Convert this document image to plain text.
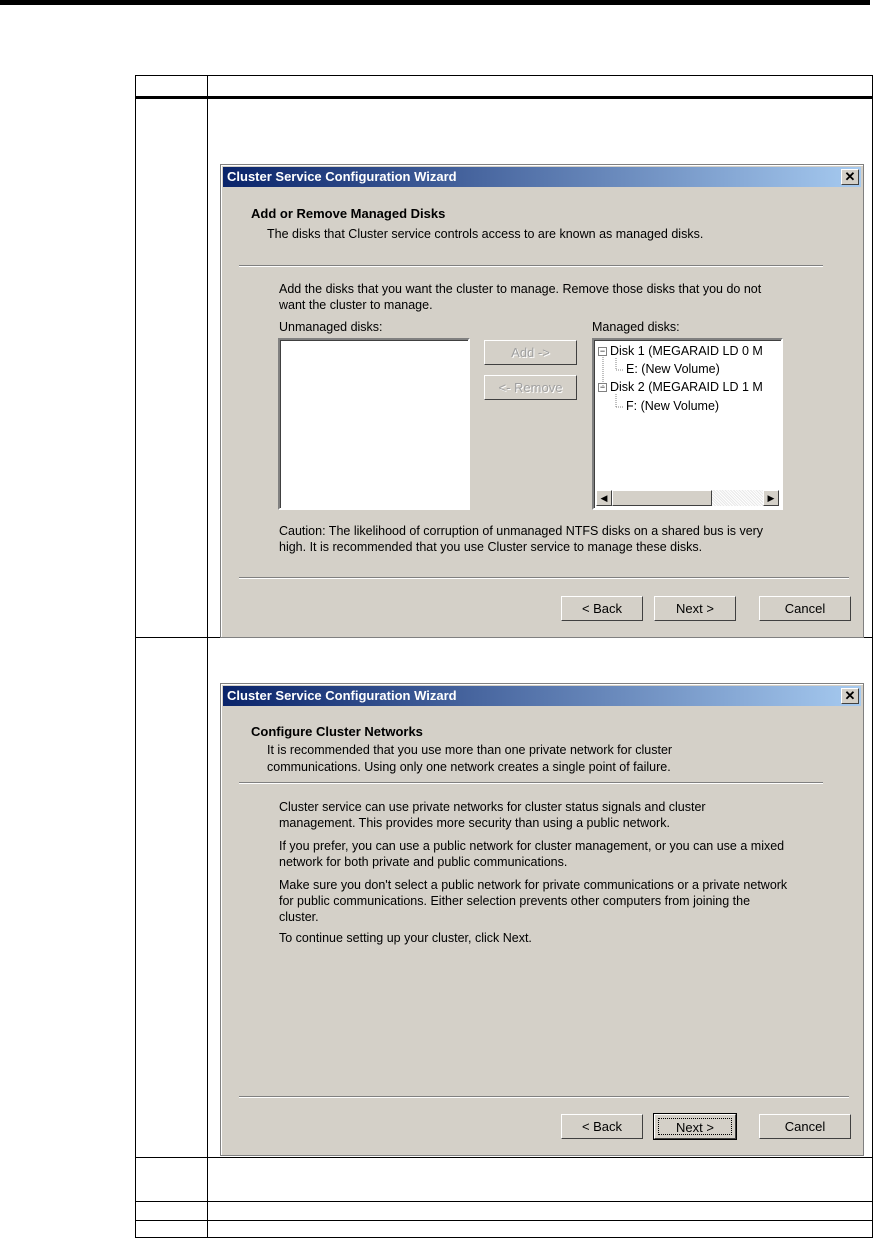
Cluster Service Configuration Wizard	✕
Add or Remove Managed Disks
The disks that Cluster service controls access to are known as managed disks.
Add the disks that you want the cluster to manage. Remove those disks that you do not want the cluster to manage.
Unmanaged disks:
Add ->
<- Remove
Managed disks:
− Disk 1 (MEGARAID LD 0 M
E: (New Volume)
− Disk 2 (MEGARAID LD 1 M
F: (New Volume)
◀	▶
Caution: The likelihood of corruption of unmanaged NTFS disks on a shared bus is very high. It is recommended that you use Cluster service to manage these disks.
< Back	Next >	Cancel
Cluster Service Configuration Wizard	✕
Configure Cluster Networks
It is recommended that you use more than one private network for cluster communications. Using only one network creates a single point of failure.
Cluster service can use private networks for cluster status signals and cluster management. This provides more security than using a public network.
If you prefer, you can use a public network for cluster management, or you can use a mixed network for both private and public communications.
Make sure you don't select a public network for private communications or a private network for public communications. Either selection prevents other computers from joining the cluster.
To continue setting up your cluster, click Next.
< Back	Next >	Cancel
